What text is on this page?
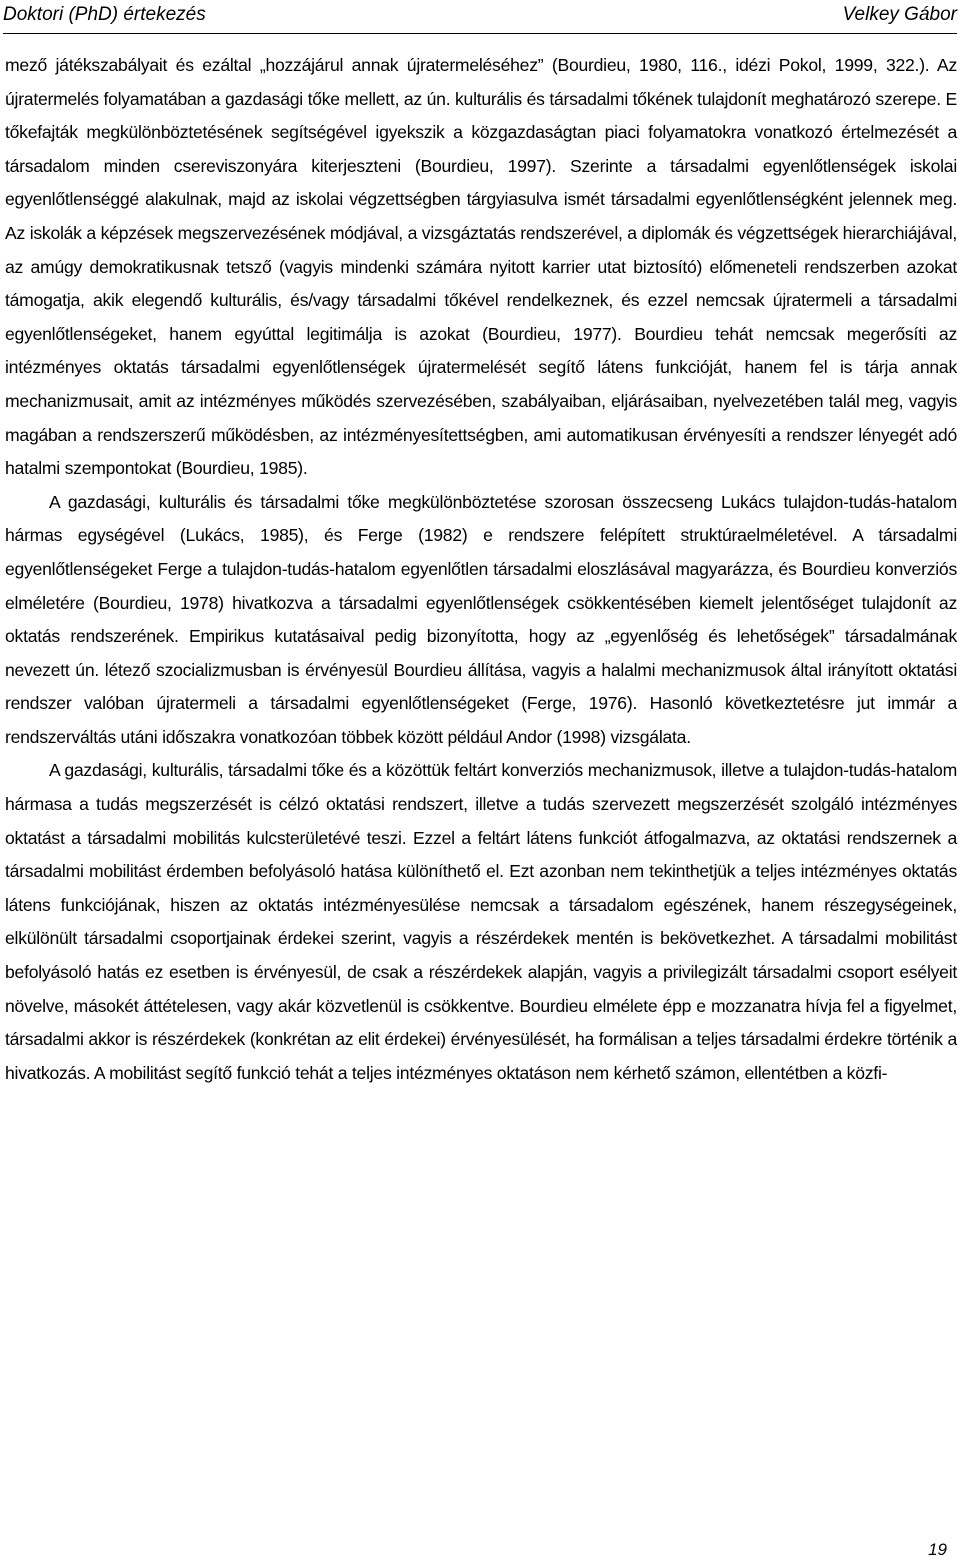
Doktori (PhD) értekezés	Velkey Gábor

mező játékszabályait és ezáltal „hozzájárul annak újratermeléséhez” (Bourdieu, 1980, 116., idézi Pokol, 1999, 322.). Az újratermelés folyamatában a gazdasági tőke mellett, az ún. kulturális és társadalmi tőkének tulajdonít meghatározó szerepe. E tőkefajták megkülönböztetésének segítségével igyekszik a közgazdaságtan piaci folyamatokra vonatkozó értelmezését a társadalom minden csereviszonyára kiterjeszteni (Bourdieu, 1997). Szerinte a társadalmi egyenlőtlenségek iskolai egyenlőtlenséggé alakulnak, majd az iskolai végzettségben tárgyiasulva ismét társadalmi egyenlőtlenségként jelennek meg. Az iskolák a képzések megszervezésének módjával, a vizsgáztatás rendszerével, a diplomák és végzettségek hierarchiájával, az amúgy demokratikusnak tetsző (vagyis mindenki számára nyitott karrier utat biztosító) előmeneteli rendszerben azokat támogatja, akik elegendő kulturális, és/vagy társadalmi tőkével rendelkeznek, és ezzel nemcsak újratermeli a társadalmi egyenlőtlenségeket, hanem egyúttal legitimálja is azokat (Bourdieu, 1977). Bourdieu tehát nemcsak megerősíti az intézményes oktatás társadalmi egyenlőtlenségek újratermelését segítő látens funkcióját, hanem fel is tárja annak mechanizmusait, amit az intézményes működés szervezésében, szabályaiban, eljárásaiban, nyelvezetében talál meg, vagyis magában a rendszerszerű működésben, az intézményesítettségben, ami automatikusan érvényesíti a rendszer lényegét adó hatalmi szempontokat (Bourdieu, 1985).

A gazdasági, kulturális és társadalmi tőke megkülönböztetése szorosan összecseng Lukács tulajdon-tudás-hatalom hármas egységével (Lukács, 1985), és Ferge (1982) e rendszere felépített struktúraelméletével. A társadalmi egyenlőtlenségeket Ferge a tulajdon-tudás-hatalom egyenlőtlen társadalmi eloszlásával magyarázza, és Bourdieu konverziós elméletére (Bourdieu, 1978) hivatkozva a társadalmi egyenlőtlenségek csökkentésében kiemelt jelentőséget tulajdonít az oktatás rendszerének. Empirikus kutatásaival pedig bizonyította, hogy az „egyenlőség és lehetőségek” társadalmának nevezett ún. létező szocializmusban is érvényesül Bourdieu állítása, vagyis a halalmi mechanizmusok által irányított oktatási rendszer valóban újratermeli a társadalmi egyenlőtlenségeket (Ferge, 1976). Hasonló következtetésre jut immár a rendszerváltás utáni időszakra vonatkozóan többek között például Andor (1998) vizsgálata.

A gazdasági, kulturális, társadalmi tőke és a közöttük feltárt konverziós mechanizmusok, illetve a tulajdon-tudás-hatalom hármasa a tudás megszerzését is célzó oktatási rendszert, illetve a tudás szervezett megszerzését szolgáló intézményes oktatást a társadalmi mobilitás kulcsterületévé teszi. Ezzel a feltárt látens funkciót átfogalmazva, az oktatási rendszernek a társadalmi mobilitást érdemben befolyásoló hatása különíthető el. Ezt azonban nem tekinthetjük a teljes intézményes oktatás látens funkciójának, hiszen az oktatás intézményesülése nemcsak a társadalom egészének, hanem részegységeinek, elkülönült társadalmi csoportjainak érdekei szerint, vagyis a részérdekek mentén is bekövetkezhet. A társadalmi mobilitást befolyásoló hatás ez esetben is érvényesül, de csak a részérdekek alapján, vagyis a privilegizált társadalmi csoport esélyeit növelve, másokét áttételesen, vagy akár közvetlenül is csökkentve. Bourdieu elmélete épp e mozzanatra hívja fel a figyelmet, társadalmi akkor is részérdekek (konkrétan az elit érdekei) érvényesülését, ha formálisan a teljes társadalmi érdekre történik a hivatkozás. A mobilitást segítő funkció tehát a teljes intézményes oktatáson nem kérhető számon, ellentétben a közfi-

19
